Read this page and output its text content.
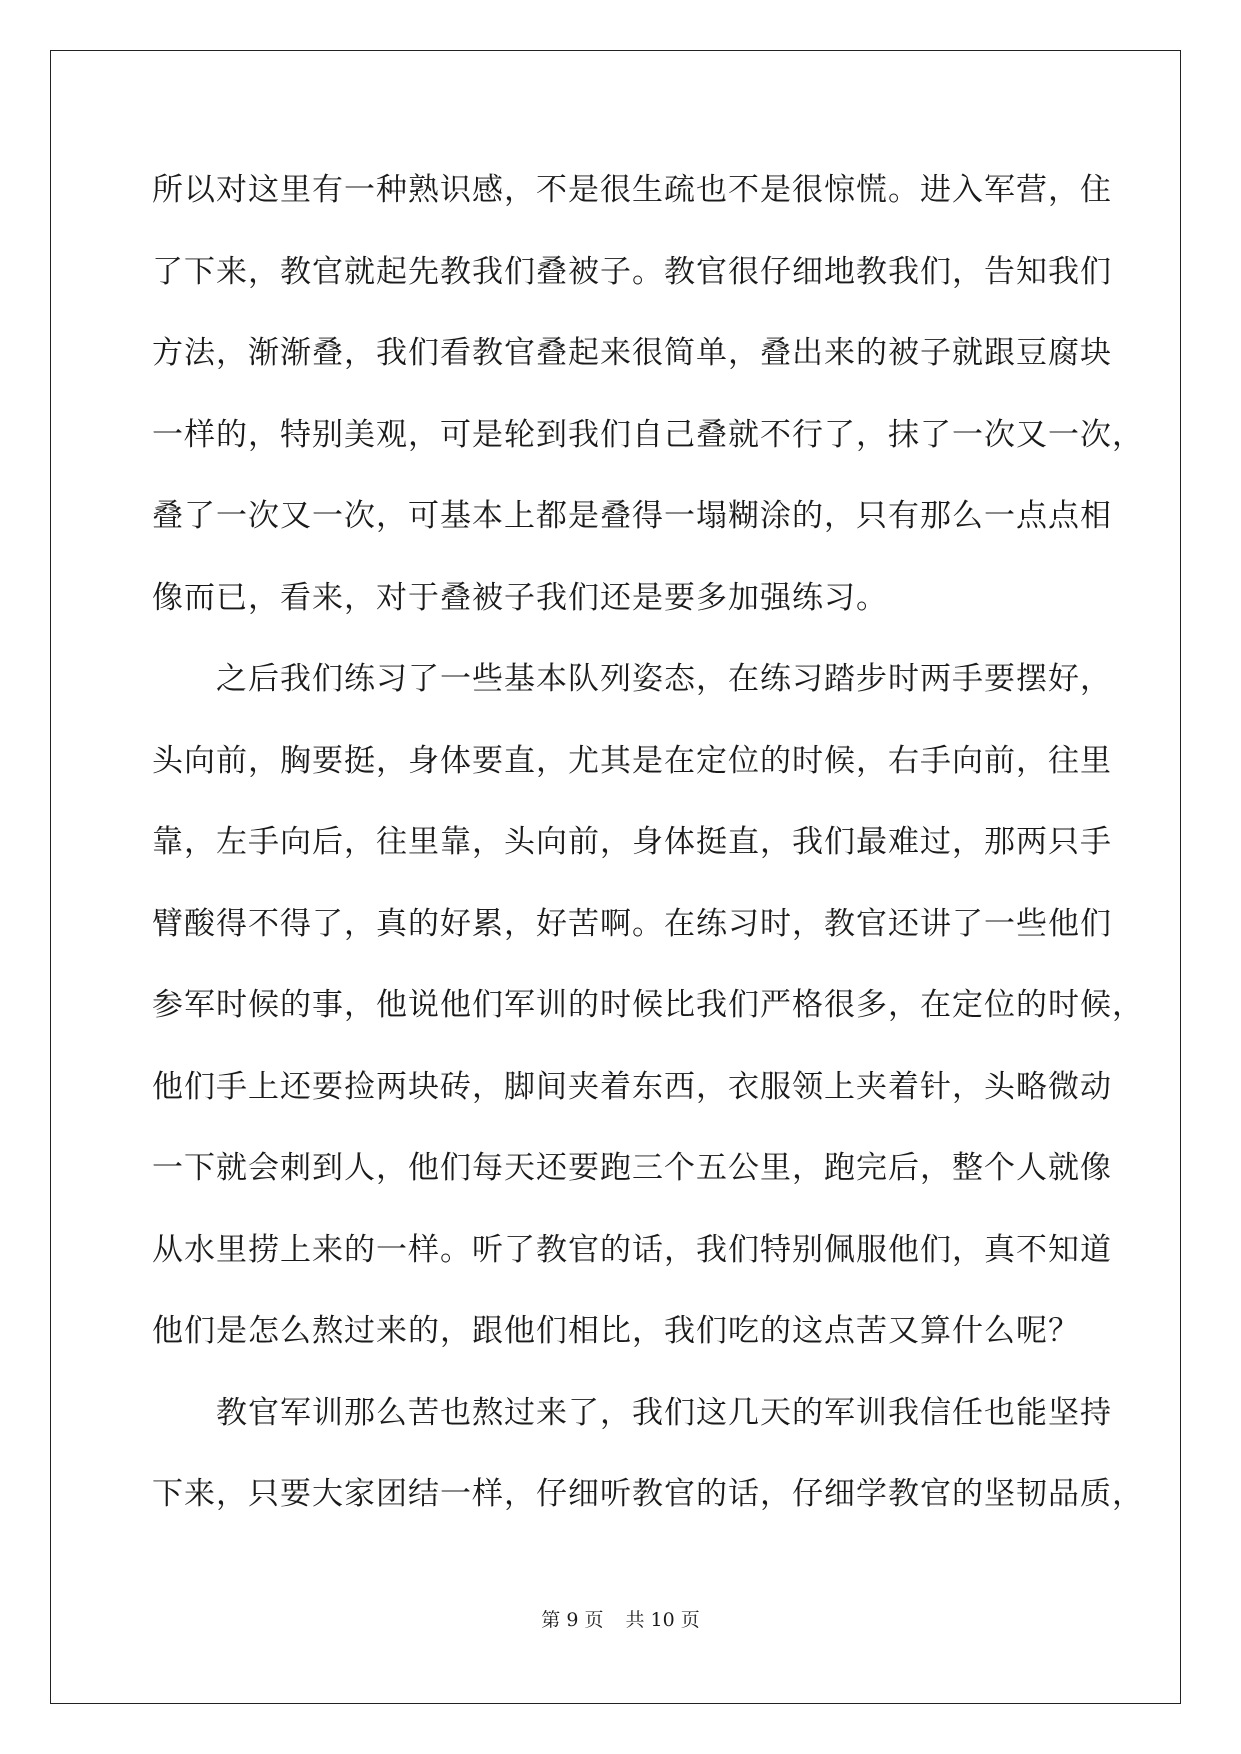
所以对这里有一种熟识感，不是很生疏也不是很惊慌。进入军营，住
了下来，教官就起先教我们叠被子。教官很仔细地教我们，告知我们
方法，渐渐叠，我们看教官叠起来很简单，叠出来的被子就跟豆腐块
一样的，特别美观，可是轮到我们自己叠就不行了，抹了一次又一次，
叠了一次又一次，可基本上都是叠得一塌糊涂的，只有那么一点点相
像而已，看来，对于叠被子我们还是要多加强练习。
　　之后我们练习了一些基本队列姿态，在练习踏步时两手要摆好，
头向前，胸要挺，身体要直，尤其是在定位的时候，右手向前，往里
靠，左手向后，往里靠，头向前，身体挺直，我们最难过，那两只手
臂酸得不得了，真的好累，好苦啊。在练习时，教官还讲了一些他们
参军时候的事，他说他们军训的时候比我们严格很多，在定位的时候，
他们手上还要捡两块砖，脚间夹着东西，衣服领上夹着针，头略微动
一下就会刺到人，他们每天还要跑三个五公里，跑完后，整个人就像
从水里捞上来的一样。听了教官的话，我们特别佩服他们，真不知道
他们是怎么熬过来的，跟他们相比，我们吃的这点苦又算什么呢？
　　教官军训那么苦也熬过来了，我们这几天的军训我信任也能坚持
下来，只要大家团结一样，仔细听教官的话，仔细学教官的坚韧品质，
第 9 页 共 10 页
